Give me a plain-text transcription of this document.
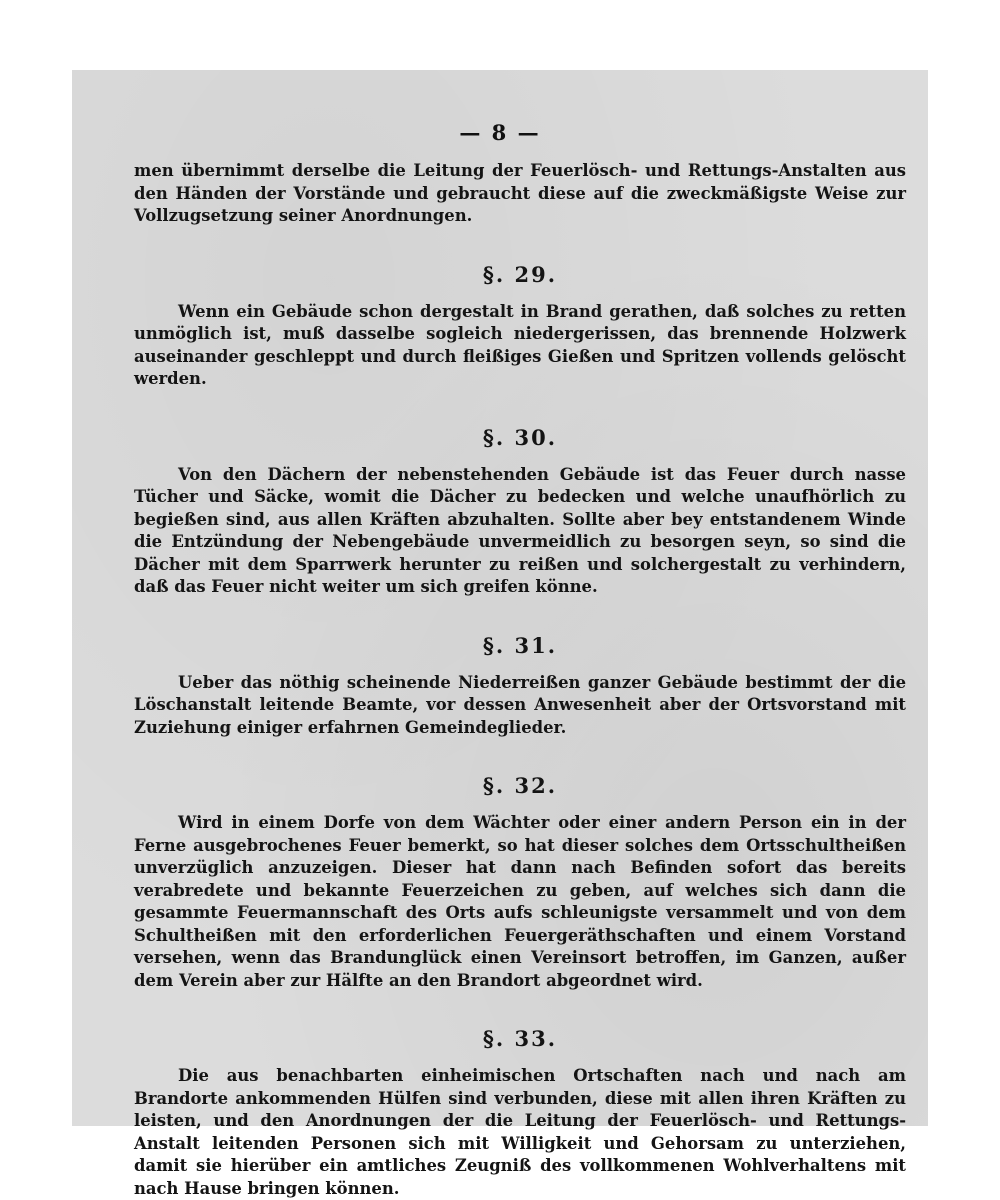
— 8 —

men übernimmt derselbe die Leitung der Feuerlösch- und Rettungs-Anstalten aus den Händen der Vorstände und gebraucht diese auf die zweckmäßigste Weise zur Vollzugsetzung seiner Anordnungen.

§. 29.

Wenn ein Gebäude schon dergestalt in Brand gerathen, daß solches zu retten unmöglich ist, muß dasselbe sogleich niedergerissen, das brennende Holzwerk auseinander geschleppt und durch fleißiges Gießen und Spritzen vollends gelöscht werden.

§. 30.

Von den Dächern der nebenstehenden Gebäude ist das Feuer durch nasse Tücher und Säcke, womit die Dächer zu bedecken und welche unaufhörlich zu begießen sind, aus allen Kräften abzuhalten. Sollte aber bey entstandenem Winde die Entzündung der Nebengebäude unvermeidlich zu besorgen seyn, so sind die Dächer mit dem Sparrwerk herunter zu reißen und solchergestalt zu verhindern, daß das Feuer nicht weiter um sich greifen könne.

§. 31.

Ueber das nöthig scheinende Niederreißen ganzer Gebäude bestimmt der die Löschanstalt leitende Beamte, vor dessen Anwesenheit aber der Ortsvorstand mit Zuziehung einiger erfahrnen Gemeindeglieder.

§. 32.

Wird in einem Dorfe von dem Wächter oder einer andern Person ein in der Ferne ausgebrochenes Feuer bemerkt, so hat dieser solches dem Ortsschultheißen unverzüglich anzuzeigen. Dieser hat dann nach Befinden sofort das bereits verabredete und bekannte Feuerzeichen zu geben, auf welches sich dann die gesammte Feuermannschaft des Orts aufs schleunigste versammelt und von dem Schultheißen mit den erforderlichen Feuergeräthschaften und einem Vorstand versehen, wenn das Brandunglück einen Vereinsort betroffen, im Ganzen, außer dem Verein aber zur Hälfte an den Brandort abgeordnet wird.

§. 33.

Die aus benachbarten einheimischen Ortschaften nach und nach am Brandorte ankommenden Hülfen sind verbunden, diese mit allen ihren Kräften zu leisten, und den Anordnungen der die Leitung der Feuerlösch- und Rettungs-Anstalt leitenden Personen sich mit Willigkeit und Gehorsam zu unterziehen, damit sie hierüber ein amtliches Zeugniß des vollkommenen Wohlverhaltens mit nach Hause bringen können.
